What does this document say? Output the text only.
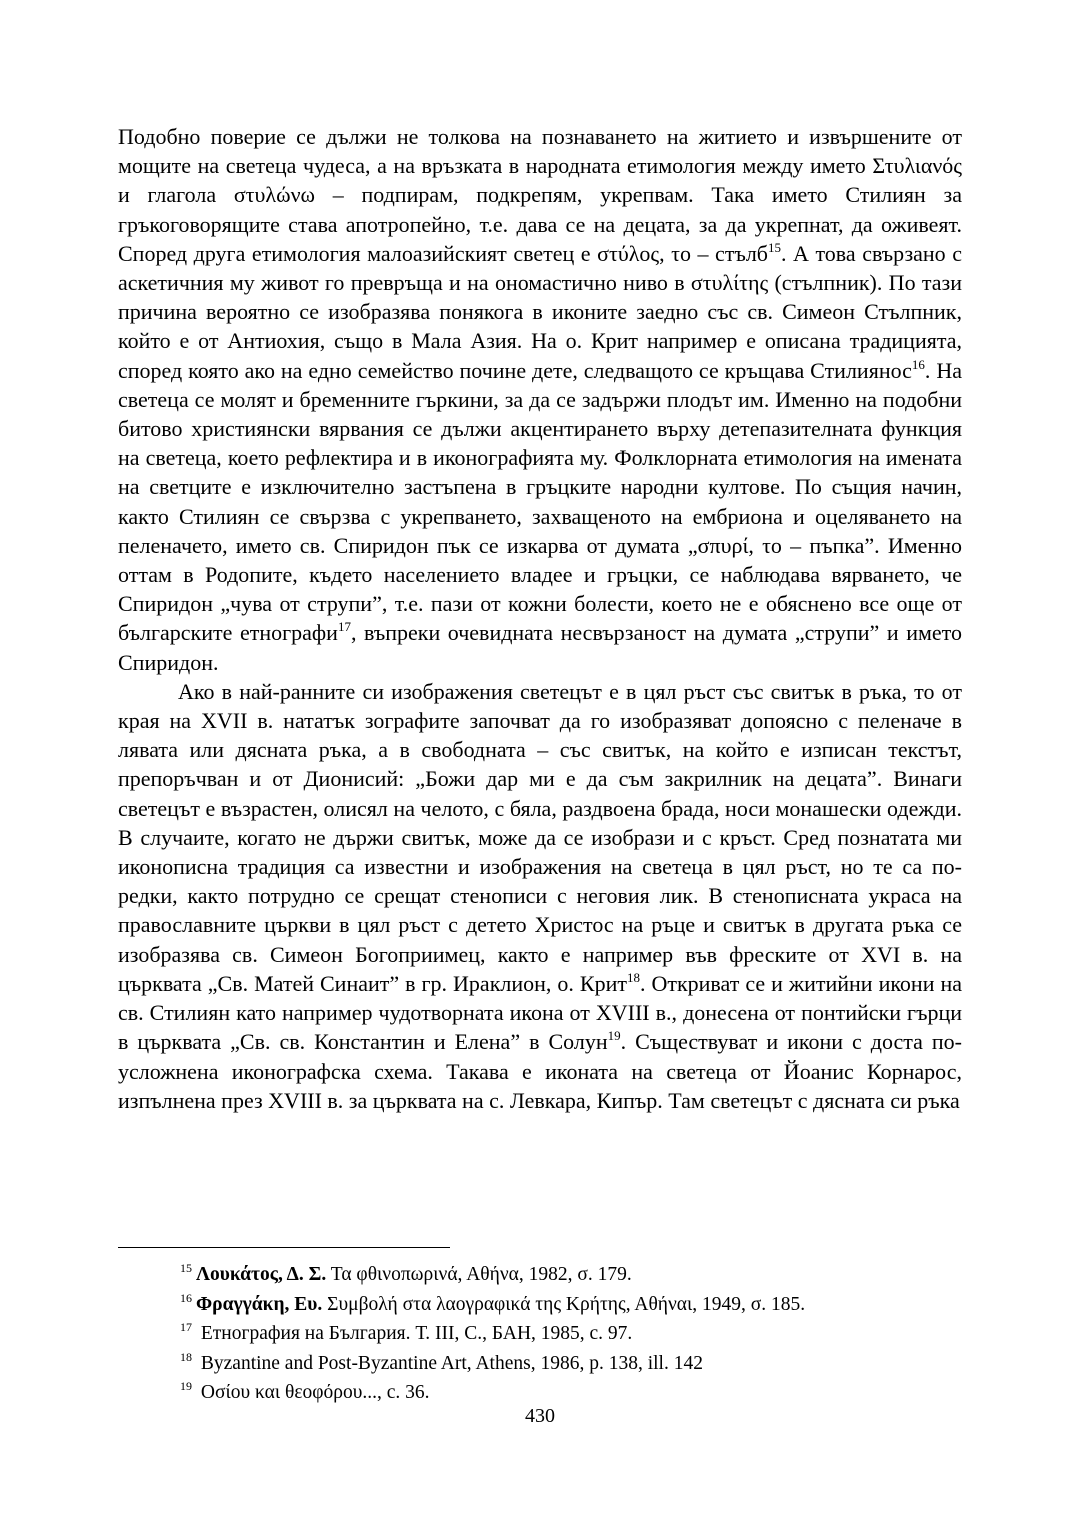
Подобно поверие се дължи не толкова на познаването на житието и извършените от мощите на светеца чудеса, а на връзката в народната етимология между името Στυλιανός и глагола στυλώνω – подпирам, подкрепям, укрепвам. Така името Стилиян за гръкоговорящите става апотропейно, т.е. дава се на децата, за да укрепнат, да оживеят. Според друга етимология малоазийският светец е στύλος, το – стълб$^{15}$. А това свързано с аскетичния му живот го превръща и на ономастично ниво в στυλίτης (стълпник). По тази причина вероятно се изобразява понякога в иконите заедно със св. Симеон Стълпник, който е от Антиохия, също в Мала Азия. На о. Крит например е описана традицията, според която ако на едно семейство почине дете, следващото се кръщава Стилиянос$^{16}$. На светеца се молят и бременните гъркини, за да се задържи плодът им. Именно на подобни битово християнски вярвания се дължи акцентирането върху детепазителната функция на светеца, което рефлектира и в иконографията му. Фолклорната етимология на имената на светците е изключително застъпена в гръцките народни култове. По същия начин, както Стилиян се свързва с укрепването, захващеното на ембриона и оцеляването на пеленачето, името св. Спиридон пък се изкарва от думата „σπυρί, το – пъпка”. Именно оттам в Родопите, където населението владее и гръцки, се наблюдава вярването, че Спиридон „чува от струпи”, т.е. пази от кожни болести, което не е обяснено все още от българските етнографи$^{17}$, въпреки очевидната несвързаност на думата „струпи” и името Спиридон.

Ако в най-ранните си изображения светецът е в цял ръст със свитък в ръка, то от края на XVII в. нататък зографите започват да го изобразяват допоясно с пеленаче в лявата или дясната ръка, а в свободната – със свитък, на който е изписан текстът, препоръчван и от Дионисий: „Божи дар ми е да съм закрилник на децата”. Винаги светецът е възрастен, олисял на челото, с бяла, раздвоена брада, носи монашески одежди. В случаите, когато не държи свитък, може да се изобрази и с кръст. Сред познатата ми иконописна традиция са известни и изображения на светеца в цял ръст, но те са по-редки, както потрудно се срещат стенописи с неговия лик. В стенописната украса на православните църкви в цял ръст с детето Христос на ръце и свитък в другата ръка се изобразява св. Симеон Богоприимец, както е например във фреските от XVI в. на църквата „Св. Матей Синаит” в гр. Ираклион, о. Крит$^{18}$. Откриват се и житийни икони на св. Стилиян като например чудотворната икона от XVIII в., донесена от понтийски гърци в църквата „Св. св. Константин и Елена” в Солун$^{19}$. Съществуват и икони с доста по-усложнена иконографска схема. Такава е иконата на светеца от Йоанис Корнарос, изпълнена през XVIII в. за църквата на с. Левкара, Кипър. Там светецът с дясната си ръка

$^{15}$ Λουκάτος, Δ. Σ. Τα φθινοπωρινά, Αθήνα, 1982, σ. 179.
$^{16}$ Φραγγάκη, Ευ. Συμβολή στα λαογραφικά της Κρήτης, Αθήναι, 1949, σ. 185.
$^{17}$ Етнография на България. Т. III, С., БАН, 1985, с. 97.
$^{18}$ Byzantine and Post-Byzantine Art, Athens, 1986, p. 138, ill. 142
$^{19}$ Οσίου και θεοφόρου..., с. 36.
430
